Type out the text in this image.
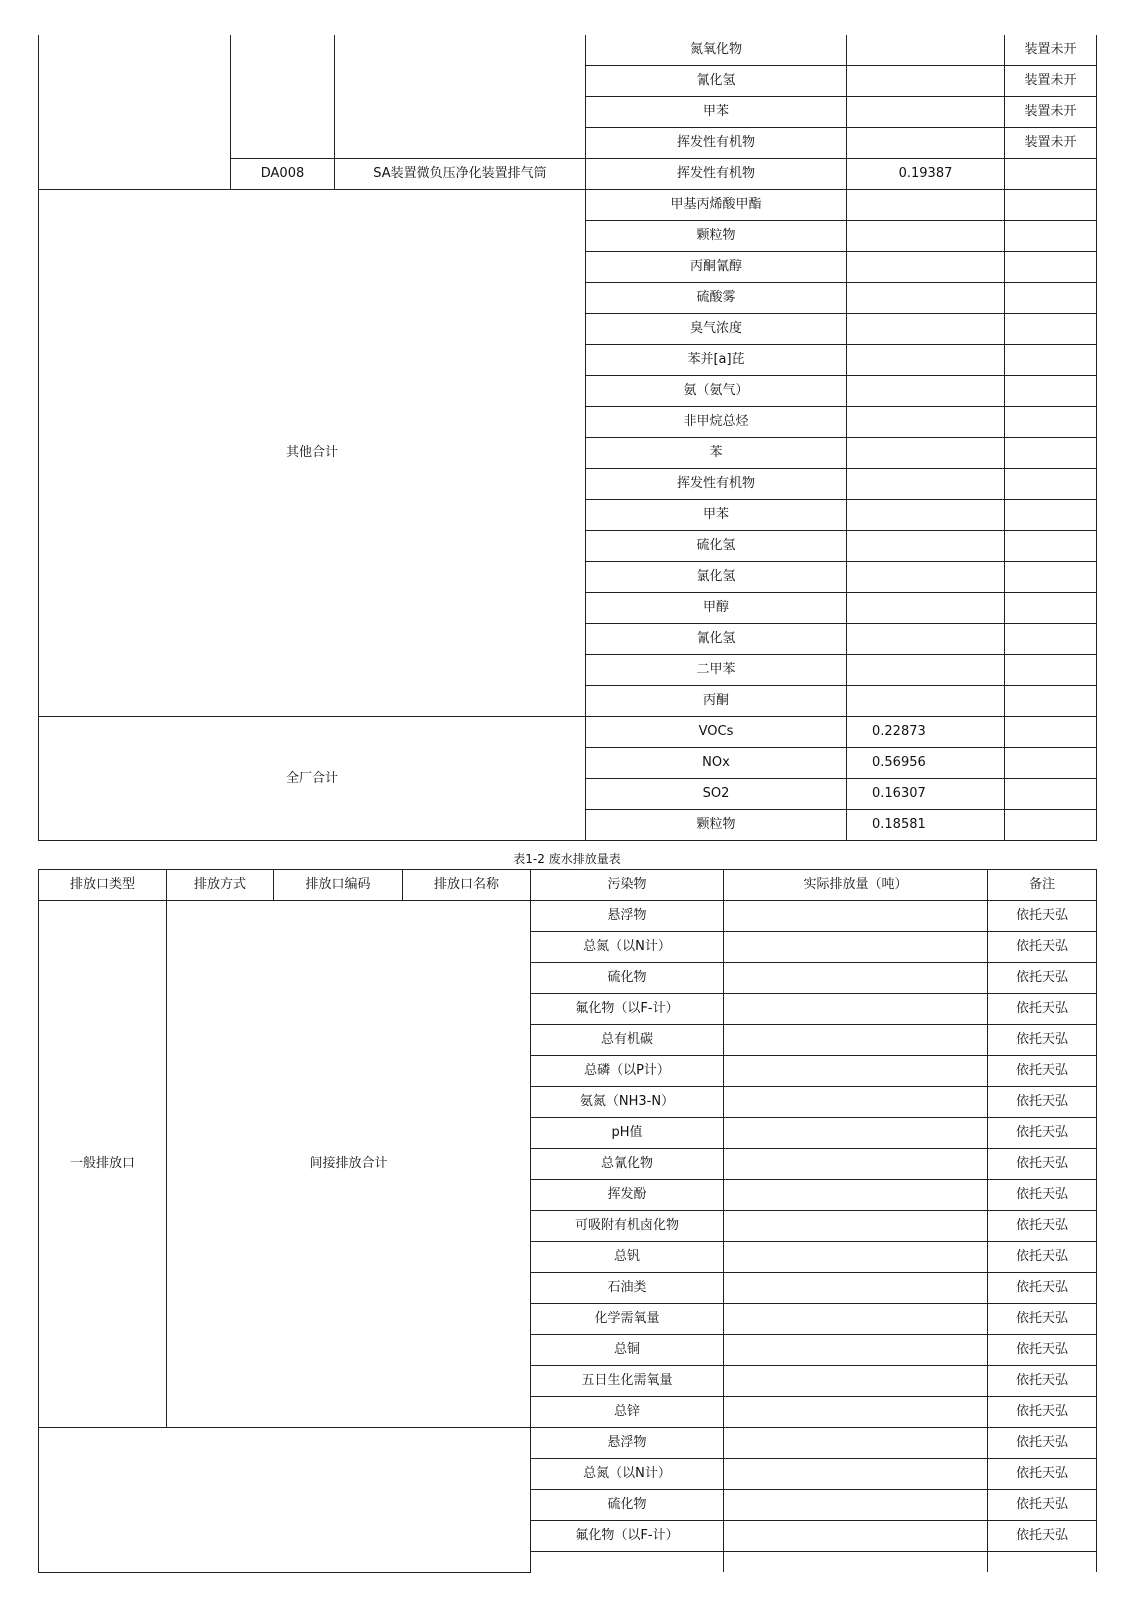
			氮氧化物		装置未开
			氰化氢		装置未开
			甲苯		装置未开
			挥发性有机物		装置未开
	DA008	SA装置微负压净化装置排气筒	挥发性有机物	0.19387	
其他合计			甲基丙烯酸甲酯		
			颗粒物		
			丙酮氰醇		
			硫酸雾		
			臭气浓度		
			苯并[a]芘		
			氨（氨气）		
			非甲烷总烃		
			苯		
			挥发性有机物		
			甲苯		
			硫化氢		
			氯化氢		
			甲醇		
			氰化氢		
			二甲苯		
			丙酮		
全厂合计			VOCs	0.22873	
			NOx	0.56956	
			SO2	0.16307	
			颗粒物	0.18581	
表1-2 废水排放量表
排放口类型	排放方式	排放口编码	排放口名称	污染物	实际排放量（吨）	备注
一般排放口	间接排放合计			悬浮物		依托天弘
				总氮（以N计）		依托天弘
				硫化物		依托天弘
				氟化物（以F-计）		依托天弘
				总有机碳		依托天弘
				总磷（以P计）		依托天弘
				氨氮（NH3-N）		依托天弘
				pH值		依托天弘
				总氰化物		依托天弘
				挥发酚		依托天弘
				可吸附有机卤化物		依托天弘
				总钒		依托天弘
				石油类		依托天弘
				化学需氧量		依托天弘
				总铜		依托天弘
				五日生化需氧量		依托天弘
				总锌		依托天弘
				悬浮物		依托天弘
				总氮（以N计）		依托天弘
				硫化物		依托天弘
				氟化物（以F-计）		依托天弘
